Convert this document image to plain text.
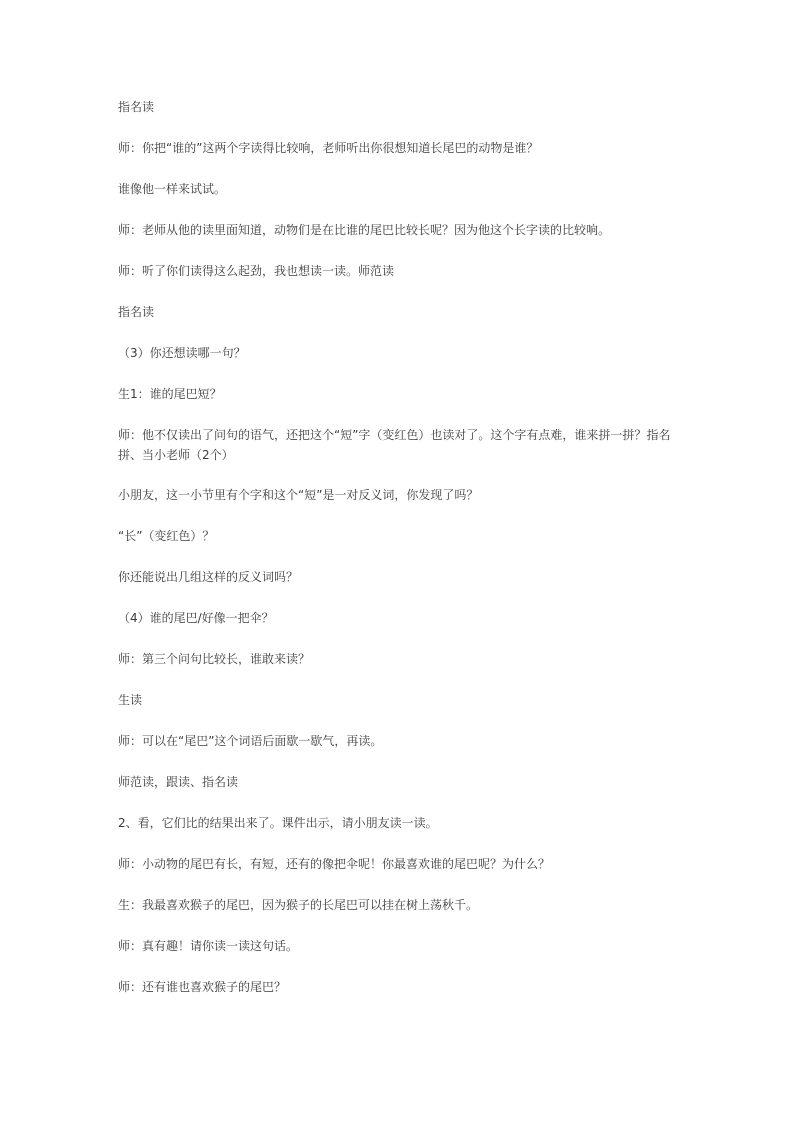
指名读

师：你把“谁的”这两个字读得比较响，老师听出你很想知道长尾巴的动物是谁？

谁像他一样来试试。

师：老师从他的读里面知道，动物们是在比谁的尾巴比较长呢？因为他这个长字读的比较响。

师：听了你们读得这么起劲，我也想读一读。师范读

指名读

（3）你还想读哪一句？

生1：谁的尾巴短？

师：他不仅读出了问句的语气，还把这个“短”字（变红色）也读对了。这个字有点难，谁来拼一拼？指名拼、当小老师（2个）

小朋友，这一小节里有个字和这个“短”是一对反义词，你发现了吗？

“长”（变红色）？

你还能说出几组这样的反义词吗？

（4）谁的尾巴/好像一把伞？

师：第三个问句比较长，谁敢来读？

生读

师：可以在“尾巴”这个词语后面歇一歇气，再读。

师范读，跟读、指名读

2、看，它们比的结果出来了。课件出示，请小朋友读一读。

师：小动物的尾巴有长，有短，还有的像把伞呢！你最喜欢谁的尾巴呢？为什么？

生：我最喜欢猴子的尾巴，因为猴子的长尾巴可以挂在树上荡秋千。

师：真有趣！请你读一读这句话。

师：还有谁也喜欢猴子的尾巴？
